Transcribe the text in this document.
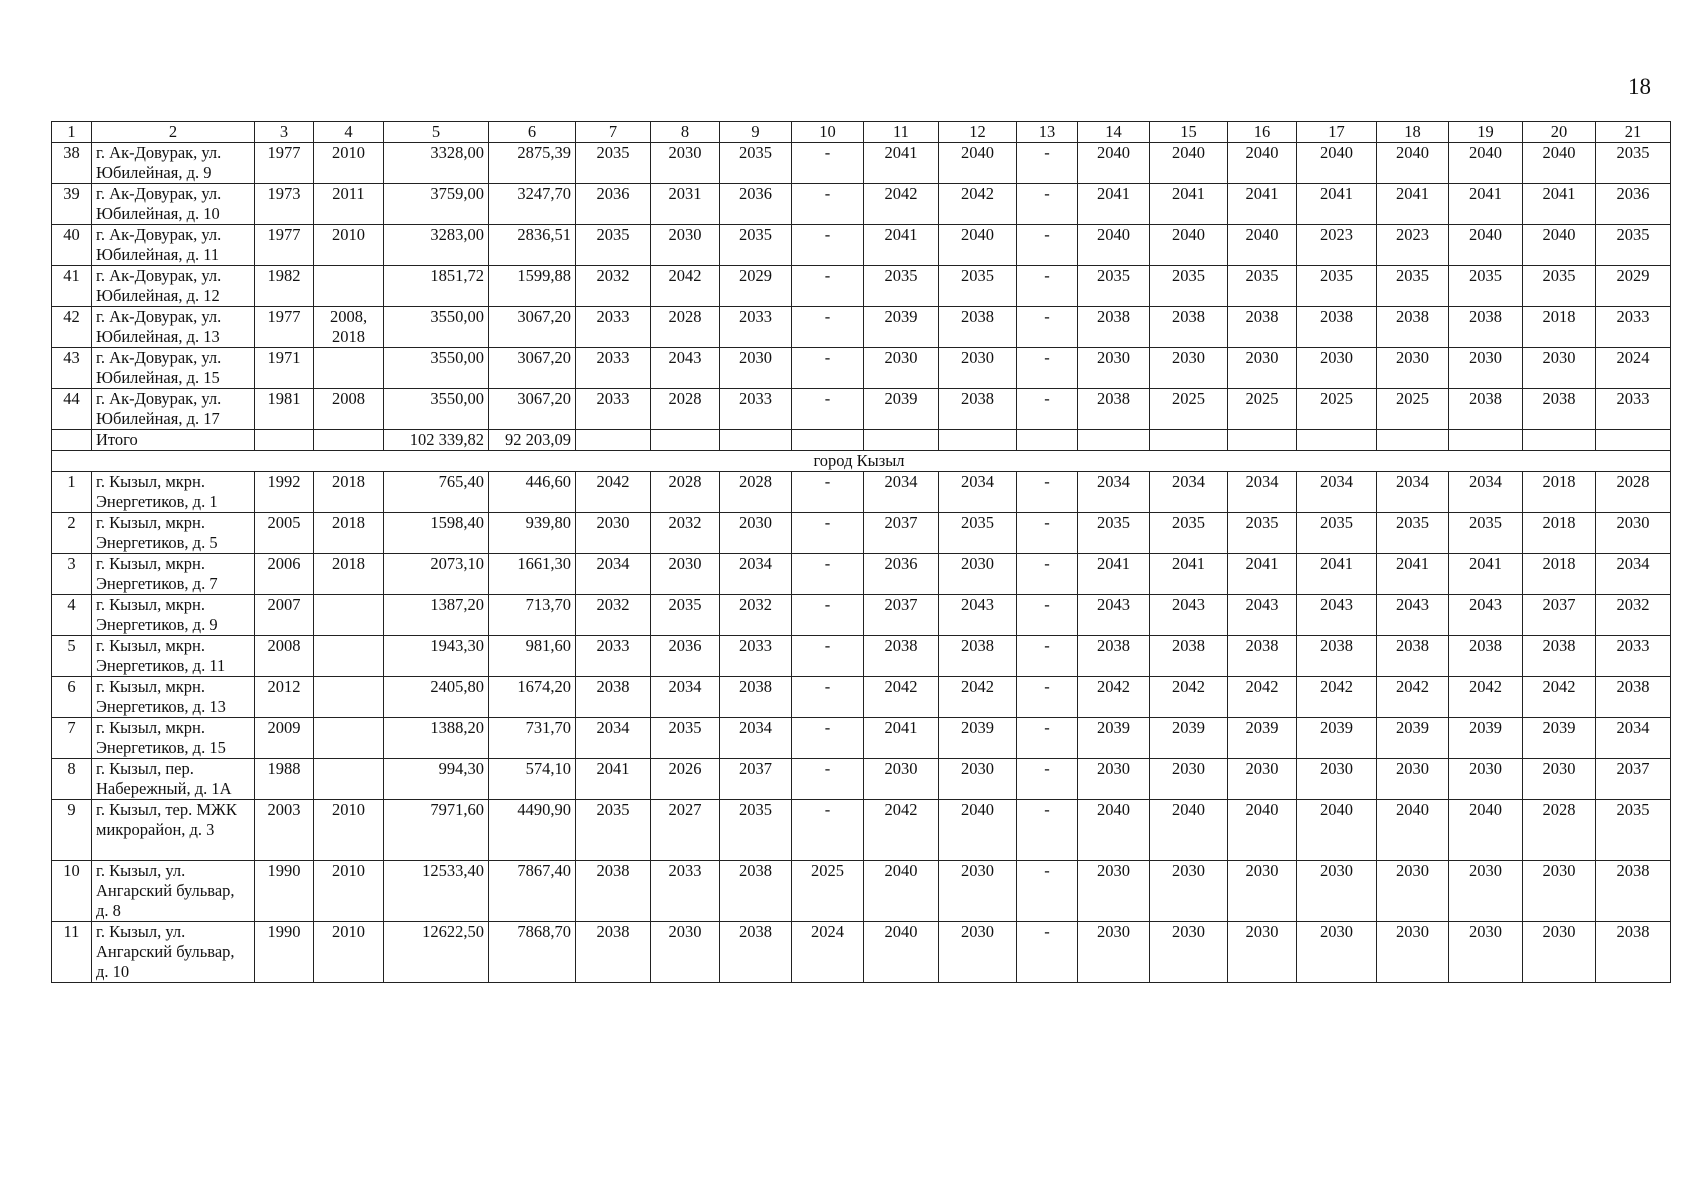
18
1	2	3	4	5	6	7	8	9	10	11	12	13	14	15	16	17	18	19	20	21
38	г. Ак-Довурак, ул. Юбилейная, д. 9	1977	2010	3328,00	2875,39	2035	2030	2035	-	2041	2040	-	2040	2040	2040	2040	2040	2040	2040	2035
39	г. Ак-Довурак, ул. Юбилейная, д. 10	1973	2011	3759,00	3247,70	2036	2031	2036	-	2042	2042	-	2041	2041	2041	2041	2041	2041	2041	2036
40	г. Ак-Довурак, ул. Юбилейная, д. 11	1977	2010	3283,00	2836,51	2035	2030	2035	-	2041	2040	-	2040	2040	2040	2023	2023	2040	2040	2035
41	г. Ак-Довурак, ул. Юбилейная, д. 12	1982		1851,72	1599,88	2032	2042	2029	-	2035	2035	-	2035	2035	2035	2035	2035	2035	2035	2029
42	г. Ак-Довурак, ул. Юбилейная, д. 13	1977	2008, 2018	3550,00	3067,20	2033	2028	2033	-	2039	2038	-	2038	2038	2038	2038	2038	2038	2018	2033
43	г. Ак-Довурак, ул. Юбилейная, д. 15	1971		3550,00	3067,20	2033	2043	2030	-	2030	2030	-	2030	2030	2030	2030	2030	2030	2030	2024
44	г. Ак-Довурак, ул. Юбилейная, д. 17	1981	2008	3550,00	3067,20	2033	2028	2033	-	2039	2038	-	2038	2025	2025	2025	2025	2038	2038	2033
	Итого			102 339,82	92 203,09															
город Кызыл																				
1	г. Кызыл, мкрн. Энергетиков, д. 1	1992	2018	765,40	446,60	2042	2028	2028	-	2034	2034	-	2034	2034	2034	2034	2034	2034	2018	2028
2	г. Кызыл, мкрн. Энергетиков, д. 5	2005	2018	1598,40	939,80	2030	2032	2030	-	2037	2035	-	2035	2035	2035	2035	2035	2035	2018	2030
3	г. Кызыл, мкрн. Энергетиков, д. 7	2006	2018	2073,10	1661,30	2034	2030	2034	-	2036	2030	-	2041	2041	2041	2041	2041	2041	2018	2034
4	г. Кызыл, мкрн. Энергетиков, д. 9	2007		1387,20	713,70	2032	2035	2032	-	2037	2043	-	2043	2043	2043	2043	2043	2043	2037	2032
5	г. Кызыл, мкрн. Энергетиков, д. 11	2008		1943,30	981,60	2033	2036	2033	-	2038	2038	-	2038	2038	2038	2038	2038	2038	2038	2033
6	г. Кызыл, мкрн. Энергетиков, д. 13	2012		2405,80	1674,20	2038	2034	2038	-	2042	2042	-	2042	2042	2042	2042	2042	2042	2042	2038
7	г. Кызыл, мкрн. Энергетиков, д. 15	2009		1388,20	731,70	2034	2035	2034	-	2041	2039	-	2039	2039	2039	2039	2039	2039	2039	2034
8	г. Кызыл, пер. Набережный, д. 1А	1988		994,30	574,10	2041	2026	2037	-	2030	2030	-	2030	2030	2030	2030	2030	2030	2030	2037
9	г. Кызыл, тер. МЖК микрорайон, д. 3	2003	2010	7971,60	4490,90	2035	2027	2035	-	2042	2040	-	2040	2040	2040	2040	2040	2040	2028	2035
10	г. Кызыл, ул. Ангарский бульвар, д. 8	1990	2010	12533,40	7867,40	2038	2033	2038	2025	2040	2030	-	2030	2030	2030	2030	2030	2030	2030	2038
11	г. Кызыл, ул. Ангарский бульвар, д. 10	1990	2010	12622,50	7868,70	2038	2030	2038	2024	2040	2030	-	2030	2030	2030	2030	2030	2030	2030	2038
